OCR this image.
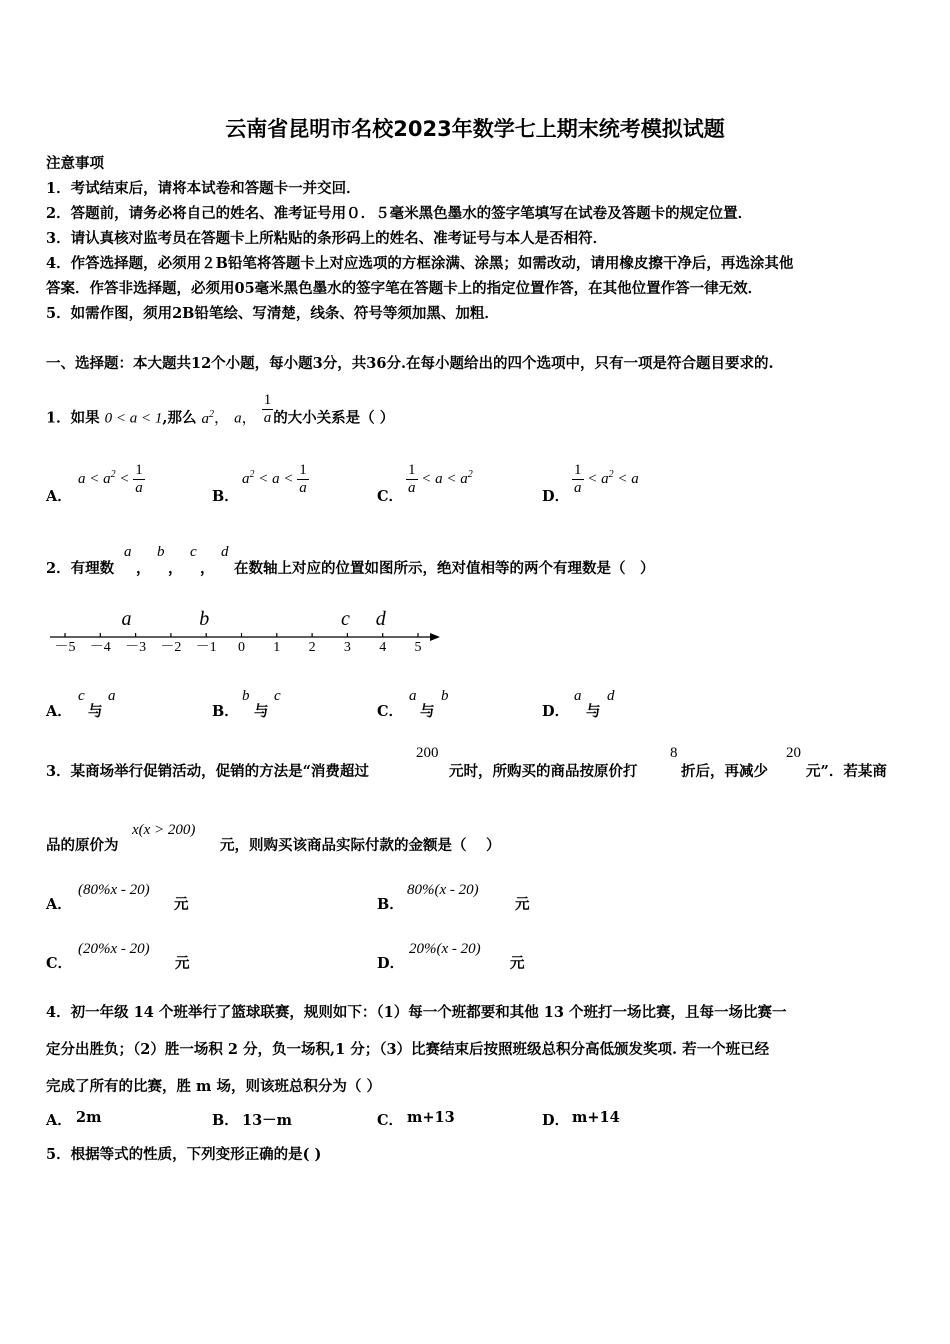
云南省昆明市名校2023年数学七上期末统考模拟试题
注意事项
1．考试结束后，请将本试卷和答题卡一并交回．
2．答题前，请务必将自己的姓名、准考证号用０．５毫米黑色墨水的签字笔填写在试卷及答题卡的规定位置．
3．请认真核对监考员在答题卡上所粘贴的条形码上的姓名、准考证号与本人是否相符．
4．作答选择题，必须用２B铅笔将答题卡上对应选项的方框涂满、涂黑；如需改动，请用橡皮擦干净后，再选涂其他
答案．作答非选择题，必须用05毫米黑色墨水的签字笔在答题卡上的指定位置作答，在其他位置作答一律无效．
5．如需作图，须用2B铅笔绘、写清楚，线条、符号等须加黑、加粗．
一、选择题：本大题共12个小题，每小题3分，共36分.在每小题给出的四个选项中，只有一项是符合题目要求的.
1．如果 0 < a < 1,那么 $a^2$， a， $\frac{1}{a}$ 的大小关系是（ ）
A．
$a < a^2 < \frac{1}{a}$	B．
$a^2 < a < \frac{1}{a}$	C． $\frac{1}{a} < a < a^2$
D． $\frac{1}{a} < a^2 < a$
2．有理数
a
，
b
，
c
，
d
在数轴上对应的位置如图所示，绝对值相等的两个有理数是（　）
－5 －4 －3 －2 －1 0 1 2 3 4 5
a	b	c d
A．
c
与
a
B．
b
与
c
C．
a
与
b
D．
a
与
d
3．某商场举行促销活动，促销的方法是“消费超过
200
元时，所购买的商品按原价打
8
折后，再减少
20
元”．若某商
品的原价为
x(x > 200)
元，则购买该商品实际付款的金额是（　 ）
A．
(80%x - 20)
元	B．
80%(x - 20)
元
C．
(20%x - 20)
元	D．
20%(x - 20)
元
4．初一年级 14 个班举行了篮球联赛，规则如下：（1）每一个班都要和其他 13 个班打一场比赛，且每一场比赛一
定分出胜负；（2）胜一场积 2 分，负一场积,1 分；（3）比赛结束后按照班级总积分高低颁发奖项. 若一个班已经
完成了所有的比赛，胜 m 场，则该班总积分为（ ）
A． 2m	B． 13－m	C． m+13	D． m+14
5．根据等式的性质，下列变形正确的是( )
